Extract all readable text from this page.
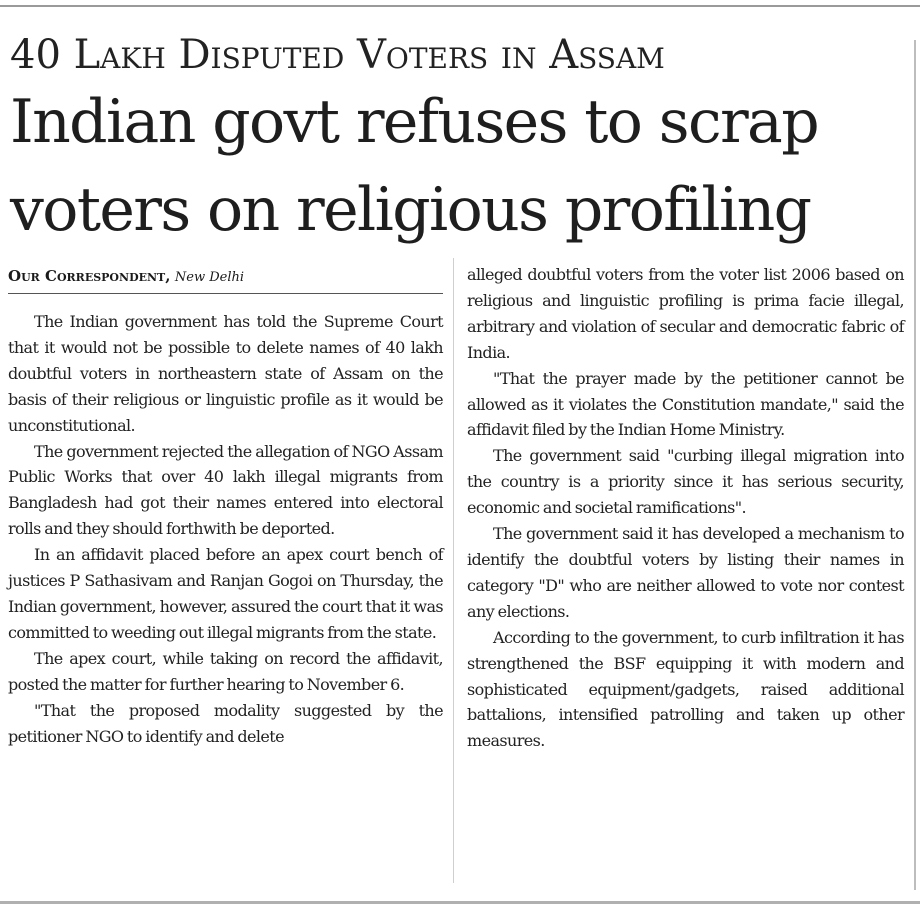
40 Lakh Disputed Voters in Assam
Indian govt refuses to scrap
voters on religious profiling
Our Correspondent, New Delhi

The Indian government has told the Supreme Court that it would not be possible to delete names of 40 lakh doubtful voters in northeastern state of Assam on the basis of their religious or linguistic profile as it would be unconstitutional.

The government rejected the allegation of NGO Assam Public Works that over 40 lakh illegal migrants from Bangladesh had got their names entered into electoral rolls and they should forthwith be deported.

In an affidavit placed before an apex court bench of justices P Sathasivam and Ranjan Gogoi on Thursday, the Indian government, however, assured the court that it was committed to weeding out illegal migrants from the state.

The apex court, while taking on record the affidavit, posted the matter for further hearing to November 6.

"That the proposed modality suggested by the petitioner NGO to identify and delete

alleged doubtful voters from the voter list 2006 based on religious and linguistic profiling is prima facie illegal, arbitrary and violation of secular and democratic fabric of India.

"That the prayer made by the petitioner cannot be allowed as it violates the Constitution mandate," said the affidavit filed by the Indian Home Ministry.

The government said "curbing illegal migration into the country is a priority since it has serious security, economic and societal ramifications".

The government said it has developed a mechanism to identify the doubtful voters by listing their names in category "D" who are neither allowed to vote nor contest any elections.

According to the government, to curb infiltration it has strengthened the BSF equipping it with modern and sophisticated equipment/gadgets, raised additional battalions, intensified patrolling and taken up other measures.
